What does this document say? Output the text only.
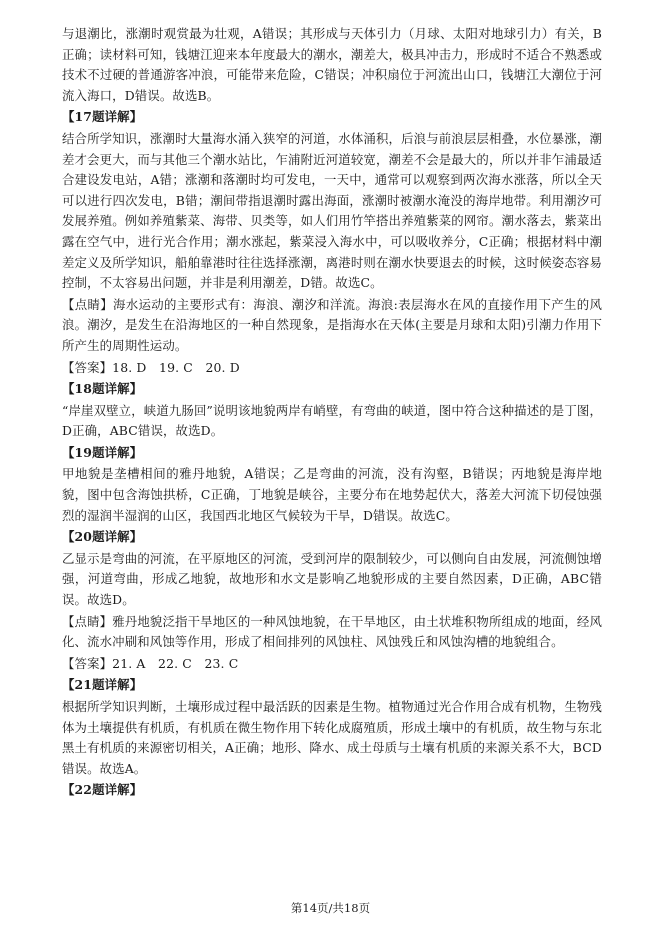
与退潮比，涨潮时观赏最为壮观，A错误；其形成与天体引力（月球、太阳对地球引力）有关，B正确；读材料可知，钱塘江迎来本年度最大的潮水，潮差大，极具冲击力，形成时不适合不熟悉或技术不过硬的普通游客冲浪，可能带来危险，C错误；冲积扇位于河流出山口，钱塘江大潮位于河流入海口，D错误。故选B。

【17题详解】

结合所学知识，涨潮时大量海水涌入狭窄的河道，水体涌积，后浪与前浪层层相叠，水位暴涨，潮差才会更大，而与其他三个潮水站比，乍浦附近河道较宽，潮差不会是最大的，所以并非乍浦最适合建设发电站，A错；涨潮和落潮时均可发电，一天中，通常可以观察到两次海水涨落，所以全天可以进行四次发电，B错；潮间带指退潮时露出海面，涨潮时被潮水淹没的海岸地带。利用潮汐可发展养殖。例如养殖紫菜、海带、贝类等，如人们用竹竿搭出养殖紫菜的网帘。潮水落去，紫菜出露在空气中，进行光合作用；潮水涨起，紫菜浸入海水中，可以吸收养分，C正确；根据材料中潮差定义及所学知识，船舶靠港时往往选择涨潮，离港时则在潮水快要退去的时候，这时候姿态容易控制，不太容易出问题，并非是利用潮差，D错。故选C。

【点睛】海水运动的主要形式有：海浪、潮汐和洋流。海浪:表层海水在风的直接作用下产生的风浪。潮汐，是发生在沿海地区的一种自然现象，是指海水在天体(主要是月球和太阳)引潮力作用下所产生的周期性运动。

【答案】18. D　19. C　20. D

【18题详解】

“岸崖双壁立，峡道九肠回”说明该地貌两岸有峭壁，有弯曲的峡道，图中符合这种描述的是丁图，D正确，ABC错误，故选D。

【19题详解】

甲地貌是垄槽相间的雅丹地貌，A错误；乙是弯曲的河流，没有沟壑，B错误；丙地貌是海岸地貌，图中包含海蚀拱桥，C正确，丁地貌是峡谷，主要分布在地势起伏大，落差大河流下切侵蚀强烈的湿润半湿润的山区，我国西北地区气候较为干旱，D错误。故选C。

【20题详解】

乙显示是弯曲的河流，在平原地区的河流，受到河岸的限制较少，可以侧向自由发展，河流侧蚀增强，河道弯曲，形成乙地貌，故地形和水文是影响乙地貌形成的主要自然因素，D正确，ABC错误。故选D。

【点睛】雅丹地貌泛指干旱地区的一种风蚀地貌，在干旱地区，由土状堆积物所组成的地面，经风化、流水冲刷和风蚀等作用，形成了相间排列的风蚀柱、风蚀残丘和风蚀沟槽的地貌组合。

【答案】21. A　22. C　23. C

【21题详解】

根据所学知识判断，土壤形成过程中最活跃的因素是生物。植物通过光合作用合成有机物，生物残体为土壤提供有机质，有机质在微生物作用下转化成腐殖质，形成土壤中的有机质，故生物与东北黑土有机质的来源密切相关，A正确；地形、降水、成土母质与土壤有机质的来源关系不大，BCD错误。故选A。

【22题详解】

第14页/共18页
